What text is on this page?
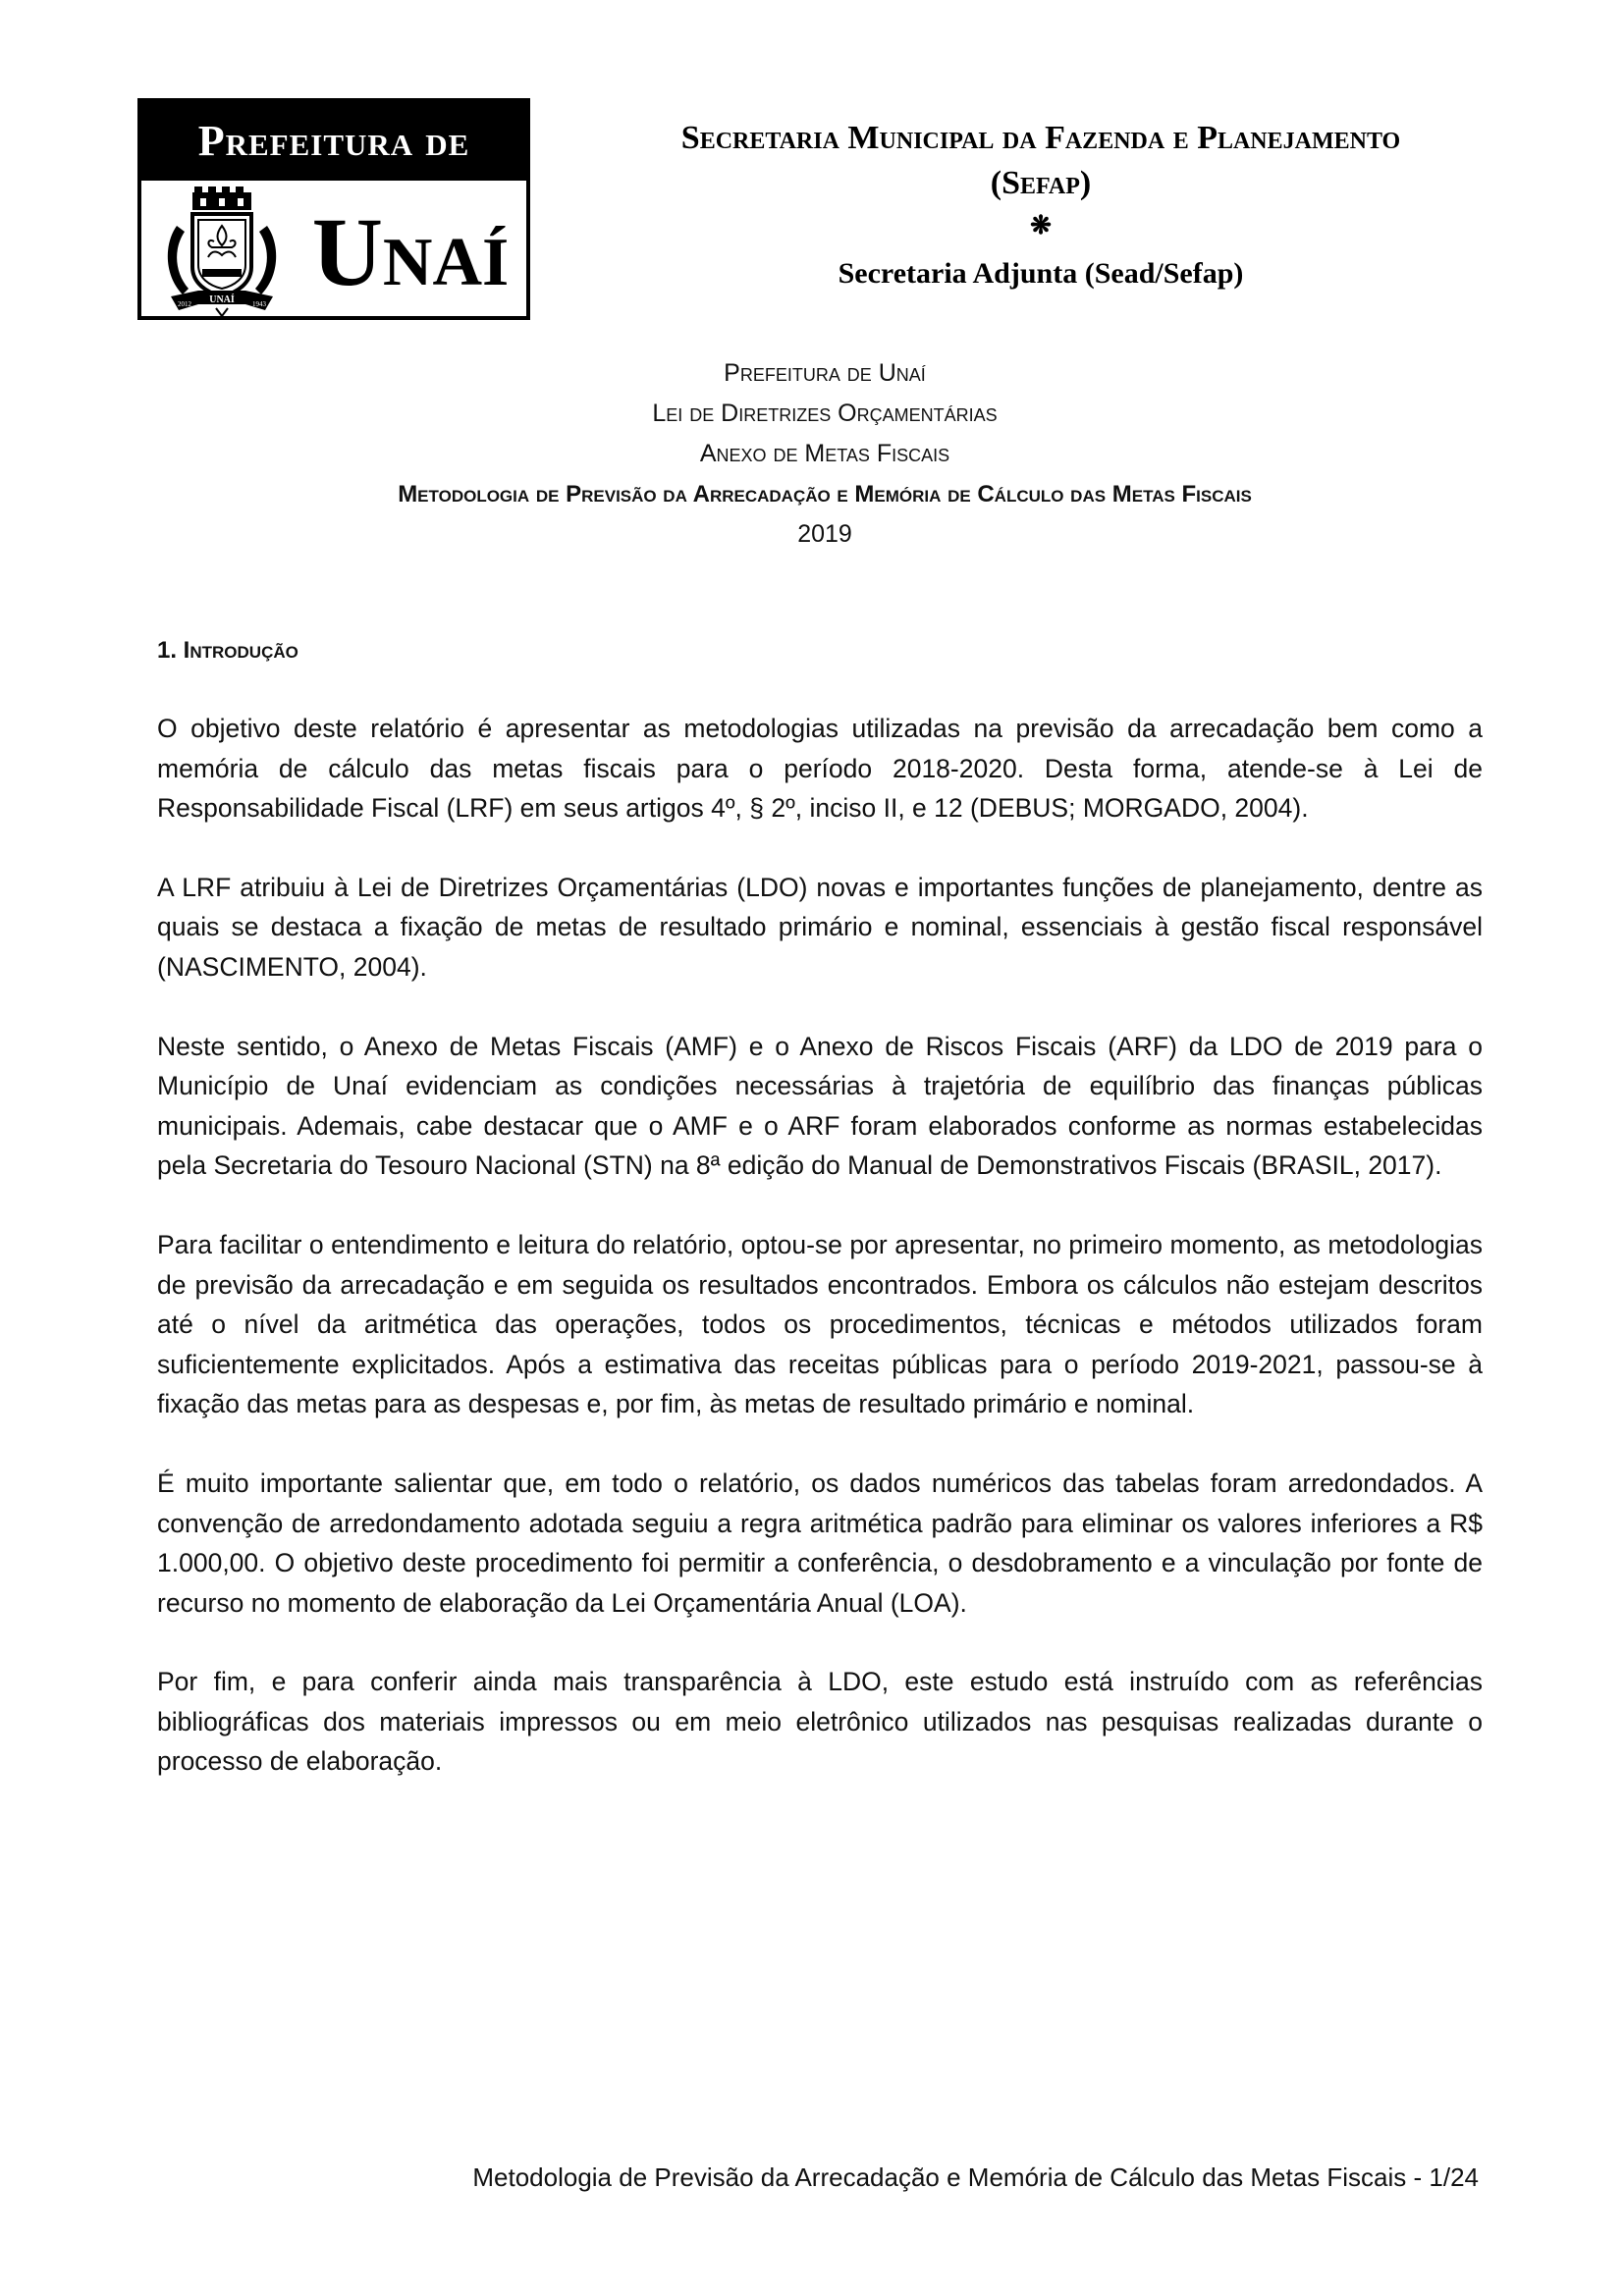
Prefeitura de
UNAÍ
2012	1943 Unaí
Secretaria Municipal da Fazenda e Planejamento
(Sefap)
❋
Secretaria Adjunta (Sead/Sefap)
Prefeitura de Unaí
Lei de Diretrizes Orçamentárias
Anexo de Metas Fiscais
Metodologia de Previsão da Arrecadação e Memória de Cálculo das Metas Fiscais
2019
1. Introdução

O objetivo deste relatório é apresentar as metodologias utilizadas na previsão da arrecadação bem como a memória de cálculo das metas fiscais para o período 2018-2020. Desta forma, atende-se à Lei de Responsabilidade Fiscal (LRF) em seus artigos 4º, § 2º, inciso II, e 12 (DEBUS; MORGADO, 2004).

A LRF atribuiu à Lei de Diretrizes Orçamentárias (LDO) novas e importantes funções de planejamento, dentre as quais se destaca a fixação de metas de resultado primário e nominal, essenciais à gestão fiscal responsável (NASCIMENTO, 2004).

Neste sentido, o Anexo de Metas Fiscais (AMF) e o Anexo de Riscos Fiscais (ARF) da LDO de 2019 para o Município de Unaí evidenciam as condições necessárias à trajetória de equilíbrio das finanças públicas municipais. Ademais, cabe destacar que o AMF e o ARF foram elaborados conforme as normas estabelecidas pela Secretaria do Tesouro Nacional (STN) na 8ª edição do Manual de Demonstrativos Fiscais (BRASIL, 2017).

Para facilitar o entendimento e leitura do relatório, optou-se por apresentar, no primeiro momento, as metodologias de previsão da arrecadação e em seguida os resultados encontrados. Embora os cálculos não estejam descritos até o nível da aritmética das operações, todos os procedimentos, técnicas e métodos utilizados foram suficientemente explicitados. Após a estimativa das receitas públicas para o período 2019-2021, passou-se à fixação das metas para as despesas e, por fim, às metas de resultado primário e nominal.

É muito importante salientar que, em todo o relatório, os dados numéricos das tabelas foram arredondados. A convenção de arredondamento adotada seguiu a regra aritmética padrão para eliminar os valores inferiores a R$ 1.000,00. O objetivo deste procedimento foi permitir a conferência, o desdobramento e a vinculação por fonte de recurso no momento de elaboração da Lei Orçamentária Anual (LOA).

Por fim, e para conferir ainda mais transparência à LDO, este estudo está instruído com as referências bibliográficas dos materiais impressos ou em meio eletrônico utilizados nas pesquisas realizadas durante o processo de elaboração.

Metodologia de Previsão da Arrecadação e Memória de Cálculo das Metas Fiscais - 1/24
